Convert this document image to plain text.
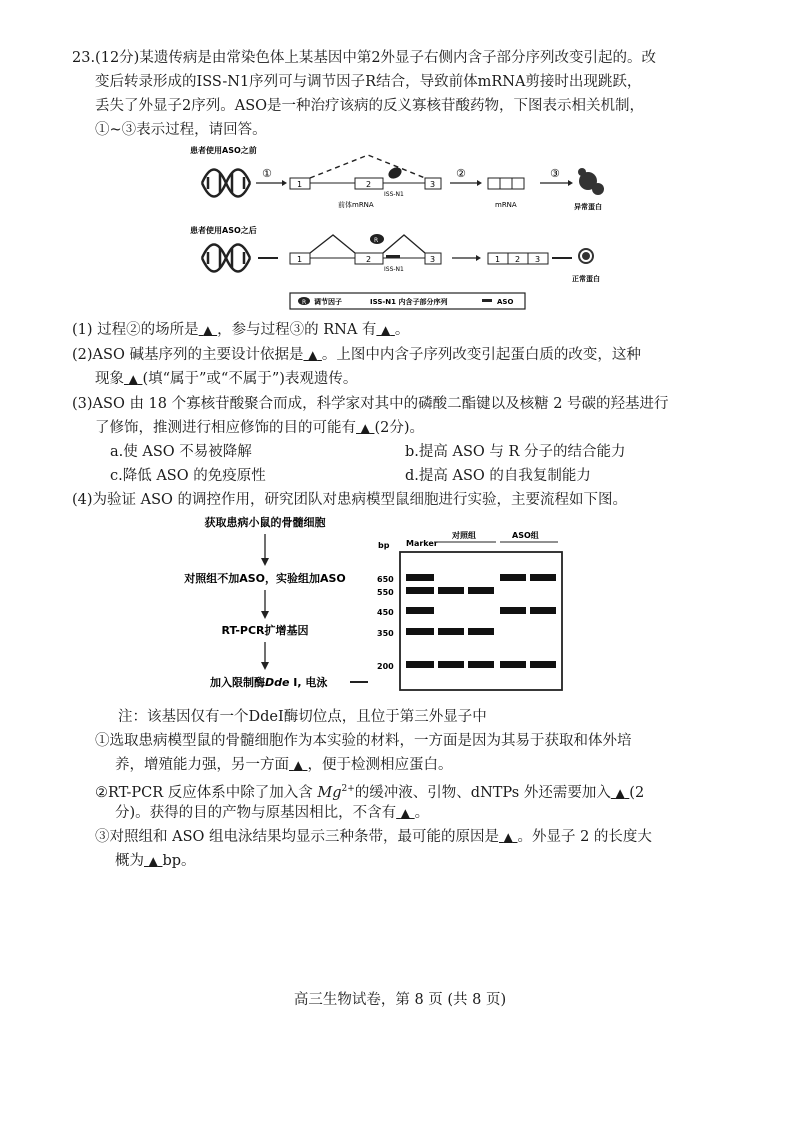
23.(12分)某遗传病是由常染色体上某基因中第2外显子右侧内含子部分序列改变引起的。改
变后转录形成的ISS-N1序列可与调节因子R结合，导致前体mRNA剪接时出现跳跃，
丢失了外显子2序列。ASO是一种治疗该病的反义寡核苷酸药物，下图表示相关机制，
①~③表示过程，请回答。
患者使用ASO之前
①
1	2	3
ISS-N1
前体mRNA
②
mRNA
③
异常蛋白
患者使用ASO之后
1	2	3
R
ISS-N1
1 2 3
正常蛋白
R 调节因子	ISS-N1 内含子部分序列	ASO
(1) 过程②的场所是 ▲ ，参与过程③的 RNA 有 ▲ 。
(2)ASO 碱基序列的主要设计依据是 ▲ 。上图中内含子序列改变引起蛋白质的改变，这种
现象 ▲ (填“属于”或“不属于”)表观遗传。
(3)ASO 由 18 个寡核苷酸聚合而成，科学家对其中的磷酸二酯键以及核糖 2 号碳的羟基进行
了修饰，推测进行相应修饰的目的可能有 ▲ (2分)。
a.使 ASO 不易被降解	b.提高 ASO 与 R 分子的结合能力
c.降低 ASO 的免疫原性	d.提高 ASO 的自我复制能力
(4)为验证 ASO 的调控作用，研究团队对患病模型鼠细胞进行实验，主要流程如下图。
获取患病小鼠的骨髓细胞
对照组不加ASO，实验组加ASO
RT-PCR扩增基因
加入限制酶Dde I, 电泳
bp Marker
对照组	ASO组
650
550
450
350
200
注：该基因仅有一个DdeI酶切位点，且位于第三外显子中
①选取患病模型鼠的骨髓细胞作为本实验的材料，一方面是因为其易于获取和体外培
养，增殖能力强，另一方面 ▲ ，便于检测相应蛋白。
②RT-PCR 反应体系中除了加入含 $Mg^{2+}$的缓冲液、引物、dNTPs 外还需要加入 ▲ (2
分)。获得的目的产物与原基因相比，不含有 ▲ 。
③对照组和 ASO 组电泳结果均显示三种条带，最可能的原因是 ▲ 。外显子 2 的长度大
概为 ▲ bp。
高三生物试卷，第 8 页 (共 8 页)
